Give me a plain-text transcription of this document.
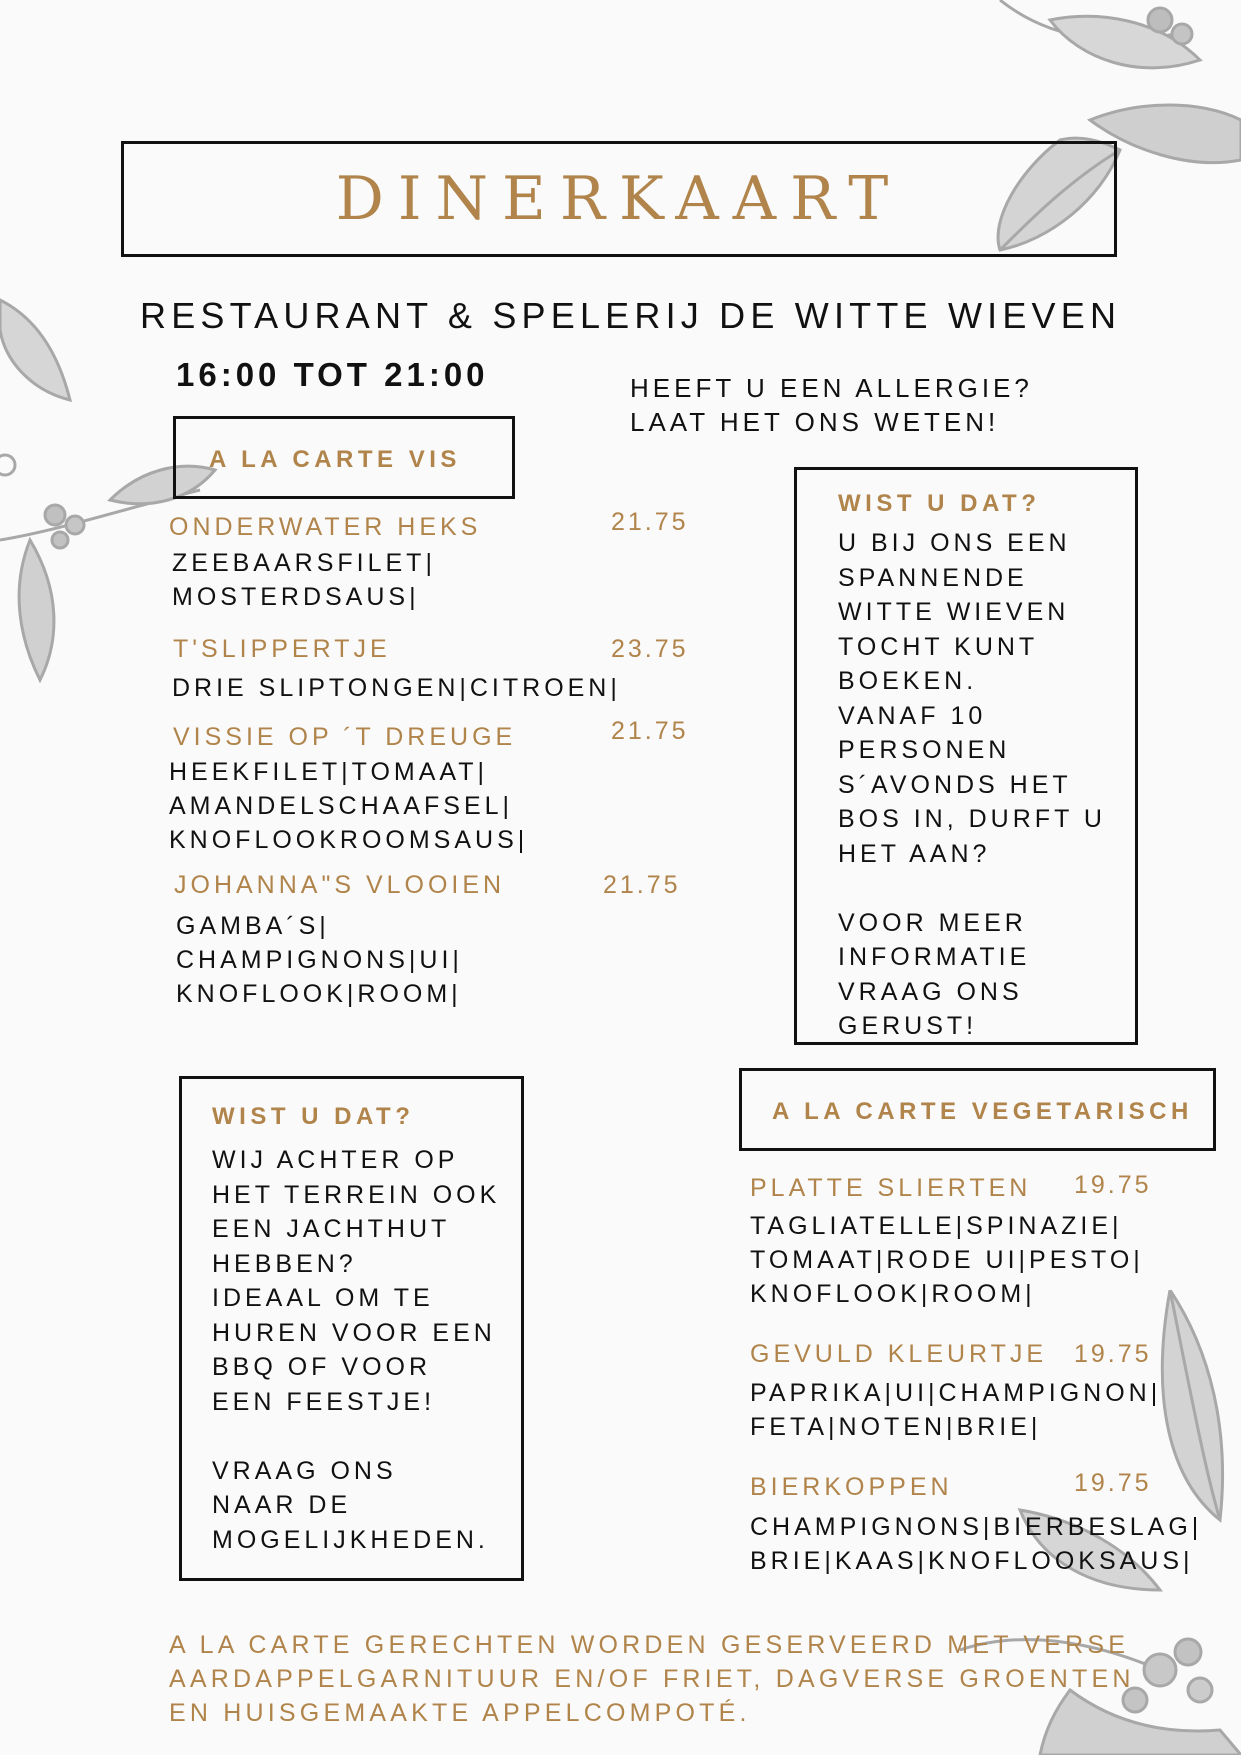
DINERKAART
RESTAURANT & SPELERIJ DE WITTE WIEVEN
16:00 TOT 21:00	HEEFT U EEN ALLERGIE? LAAT HET ONS WETEN!
A LA CARTE VIS
ONDERWATER HEKS	21.75
ZEEBAARSFILET|
MOSTERDSAUS|
T'SLIPPERTJE	23.75
DRIE SLIPTONGEN|CITROEN|
VISSIE OP ´T DREUGE	21.75
HEEKFILET|TOMAAT|
AMANDELSCHAAFSEL|
KNOFLOOKROOMSAUS|
JOHANNA"S VLOOIEN	21.75
GAMBA´S|
CHAMPIGNONS|UI|
KNOFLOOK|ROOM|
WIST U DAT?
U BIJ ONS EEN
SPANNENDE
WITTE WIEVEN
TOCHT KUNT
BOEKEN.
VANAF 10
PERSONEN
S´AVONDS HET
BOS IN, DURFT U
HET AAN?

VOOR MEER
INFORMATIE
VRAAG ONS
GERUST!
WIST U DAT?
WIJ ACHTER OP
HET TERREIN OOK
EEN JACHTHUT
HEBBEN?
IDEAAL OM TE
HUREN VOOR EEN
BBQ OF VOOR
EEN FEESTJE!

VRAAG ONS
NAAR DE
MOGELIJKHEDEN.
A LA CARTE VEGETARISCH
PLATTE SLIERTEN 19.75
TAGLIATELLE|SPINAZIE|
TOMAAT|RODE UI|PESTO|
KNOFLOOK|ROOM|
GEVULD KLEURTJE 19.75
PAPRIKA|UI|CHAMPIGNON|
FETA|NOTEN|BRIE|
BIERKOPPEN	19.75
CHAMPIGNONS|BIERBESLAG|
BRIE|KAAS|KNOFLOOKSAUS|
A LA CARTE GERECHTEN WORDEN GESERVEERD MET VERSE
AARDAPPELGARNITUUR EN/OF FRIET, DAGVERSE GROENTEN
EN HUISGEMAAKTE APPELCOMPOTÉ.
